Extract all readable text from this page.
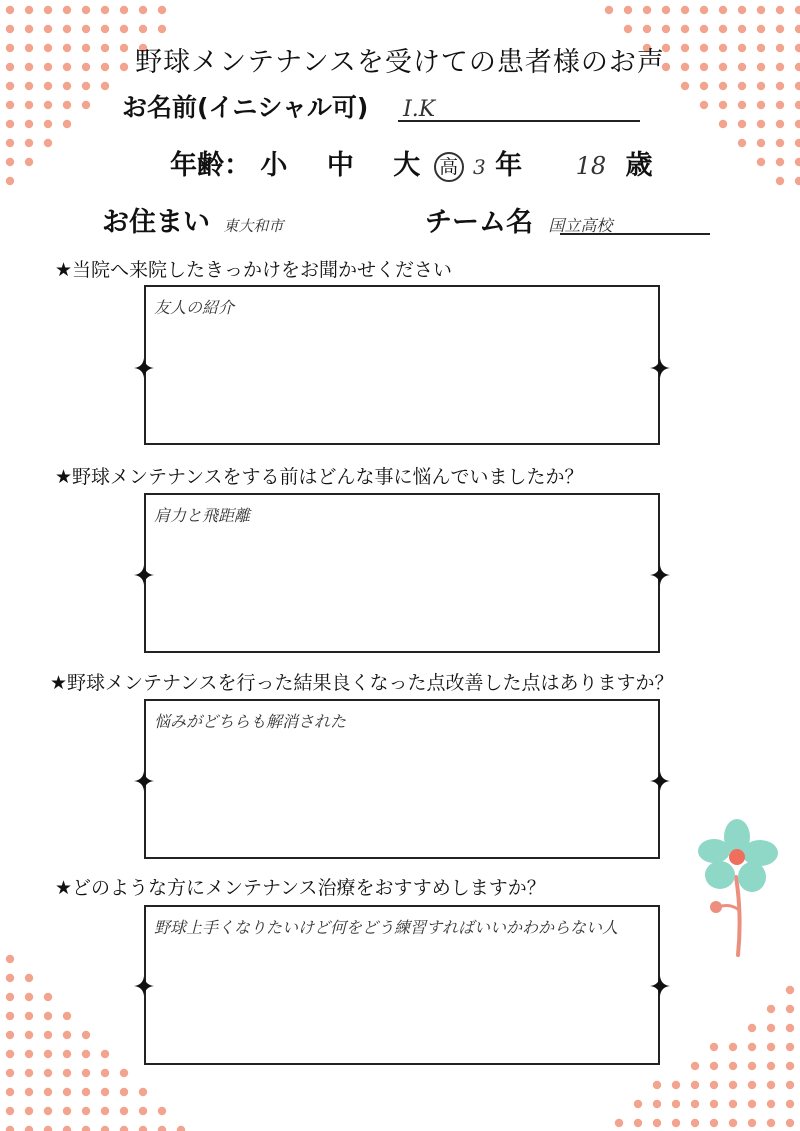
野球メンテナンスを受けての患者様のお声
お名前(イニシャル可) I.K
年齢： 小 中 大 高 3 年 18 歳
お住まい 東大和市	チーム名 国立高校
★当院へ来院したきっかけをお聞かせください
友人の紹介
★野球メンテナンスをする前はどんな事に悩んでいましたか？
肩力と飛距離
★野球メンテナンスを行った結果良くなった点改善した点はありますか？
悩みがどちらも解消された
★どのような方にメンテナンス治療をおすすめしますか？
野球上手くなりたいけど何をどう練習すればいいかわからない人
